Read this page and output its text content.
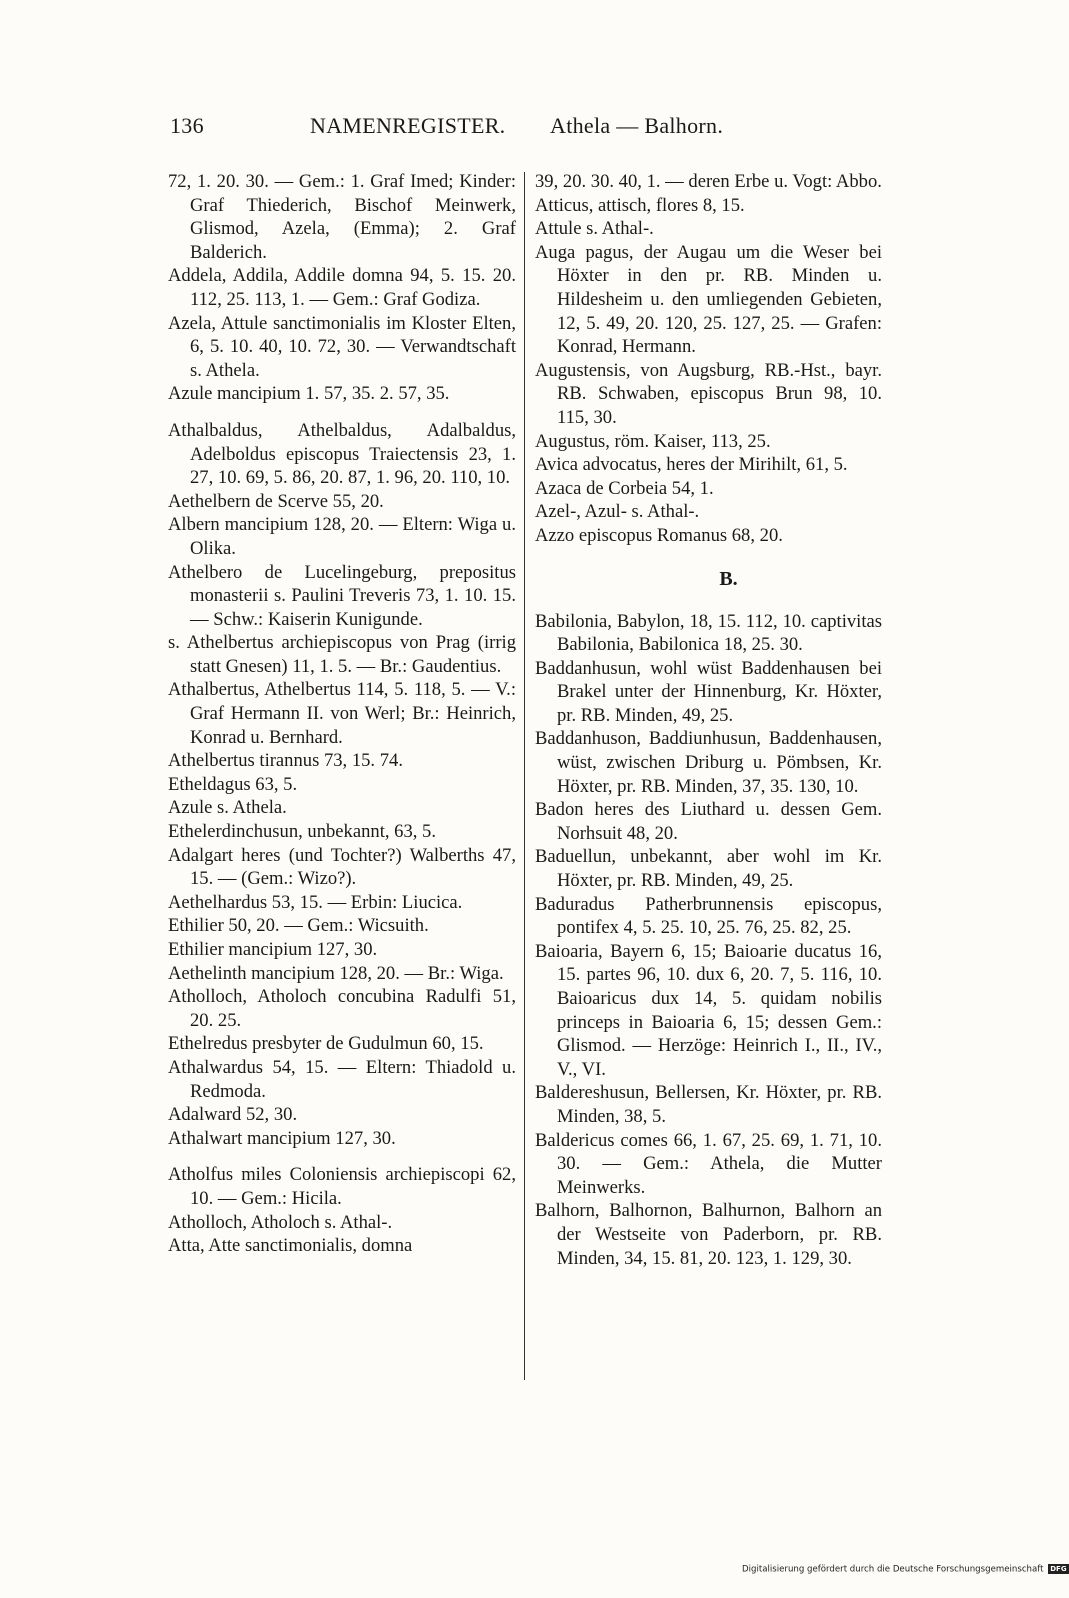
136	NAMENREGISTER. Athela — Balhorn.
72, 1. 20. 30. — Gem.: 1. Graf Imed; Kinder: Graf Thiederich, Bischof Meinwerk, Glismod, Azela, (Emma); 2. Graf Balderich.
Addela, Addila, Addile domna 94, 5. 15. 20. 112, 25. 113, 1. — Gem.: Graf Godiza.
Azela, Attule sanctimonialis im Kloster Elten, 6, 5. 10. 40, 10. 72, 30. — Verwandtschaft s. Athela.
Azule mancipium 1. 57, 35. 2. 57, 35.
Athalbaldus, Athelbaldus, Adalbaldus, Adelboldus episcopus Traiectensis 23, 1. 27, 10. 69, 5. 86, 20. 87, 1. 96, 20. 110, 10.
Aethelbern de Scerve 55, 20.
Albern mancipium 128, 20. — Eltern: Wiga u. Olika.
Athelbero de Lucelingeburg, prepositus monasterii s. Paulini Treveris 73, 1. 10. 15. — Schw.: Kaiserin Kunigunde.
s. Athelbertus archiepiscopus von Prag (irrig statt Gnesen) 11, 1. 5. — Br.: Gaudentius.
Athalbertus, Athelbertus 114, 5. 118, 5. — V.: Graf Hermann II. von Werl; Br.: Heinrich, Konrad u. Bernhard.
Athelbertus tirannus 73, 15. 74.
Etheldagus 63, 5.
Azule s. Athela.
Ethelerdinchusun, unbekannt, 63, 5.
Adalgart heres (und Tochter?) Walberths 47, 15. — (Gem.: Wizo?).
Aethelhardus 53, 15. — Erbin: Liucica.
Ethilier 50, 20. — Gem.: Wicsuith.
Ethilier mancipium 127, 30.
Aethelinth mancipium 128, 20. — Br.: Wiga.
Atholloch, Atholoch concubina Radulfi 51, 20. 25.
Ethelredus presbyter de Gudulmun 60, 15.
Athalwardus 54, 15. — Eltern: Thiadold u. Redmoda.
Adalward 52, 30.
Athalwart mancipium 127, 30.
Atholfus miles Coloniensis archiepiscopi 62, 10. — Gem.: Hicila.
Atholloch, Atholoch s. Athal-.
Atta, Atte sanctimonialis, domna
39, 20. 30. 40, 1. — deren Erbe u. Vogt: Abbo.
Atticus, attisch, flores 8, 15.
Attule s. Athal-.
Auga pagus, der Augau um die Weser bei Höxter in den pr. RB. Minden u. Hildesheim u. den umliegenden Gebieten, 12, 5. 49, 20. 120, 25. 127, 25. — Grafen: Konrad, Hermann.
Augustensis, von Augsburg, RB.-Hst., bayr. RB. Schwaben, episcopus Brun 98, 10. 115, 30.
Augustus, röm. Kaiser, 113, 25.
Avica advocatus, heres der Mirihilt, 61, 5.
Azaca de Corbeia 54, 1.
Azel-, Azul- s. Athal-.
Azzo episcopus Romanus 68, 20.
B.
Babilonia, Babylon, 18, 15. 112, 10. captivitas Babilonia, Babilonica 18, 25. 30.
Baddanhusun, wohl wüst Baddenhausen bei Brakel unter der Hinnenburg, Kr. Höxter, pr. RB. Minden, 49, 25.
Baddanhuson, Baddiunhusun, Baddenhausen, wüst, zwischen Driburg u. Pömbsen, Kr. Höxter, pr. RB. Minden, 37, 35. 130, 10.
Badon heres des Liuthard u. dessen Gem. Norhsuit 48, 20.
Baduellun, unbekannt, aber wohl im Kr. Höxter, pr. RB. Minden, 49, 25.
Baduradus Patherbrunnensis episcopus, pontifex 4, 5. 25. 10, 25. 76, 25. 82, 25.
Baioaria, Bayern 6, 15; Baioarie ducatus 16, 15. partes 96, 10. dux 6, 20. 7, 5. 116, 10. Baioaricus dux 14, 5. quidam nobilis princeps in Baioaria 6, 15; dessen Gem.: Glismod. — Herzöge: Heinrich I., II., IV., V., VI.
Baldereshusun, Bellersen, Kr. Höxter, pr. RB. Minden, 38, 5.
Baldericus comes 66, 1. 67, 25. 69, 1. 71, 10. 30. — Gem.: Athela, die Mutter Meinwerks.
Balhorn, Balhornon, Balhurnon, Balhorn an der Westseite von Paderborn, pr. RB. Minden, 34, 15. 81, 20. 123, 1. 129, 30.
Digitalisierung gefördert durch die Deutsche Forschungsgemeinschaft DFG
